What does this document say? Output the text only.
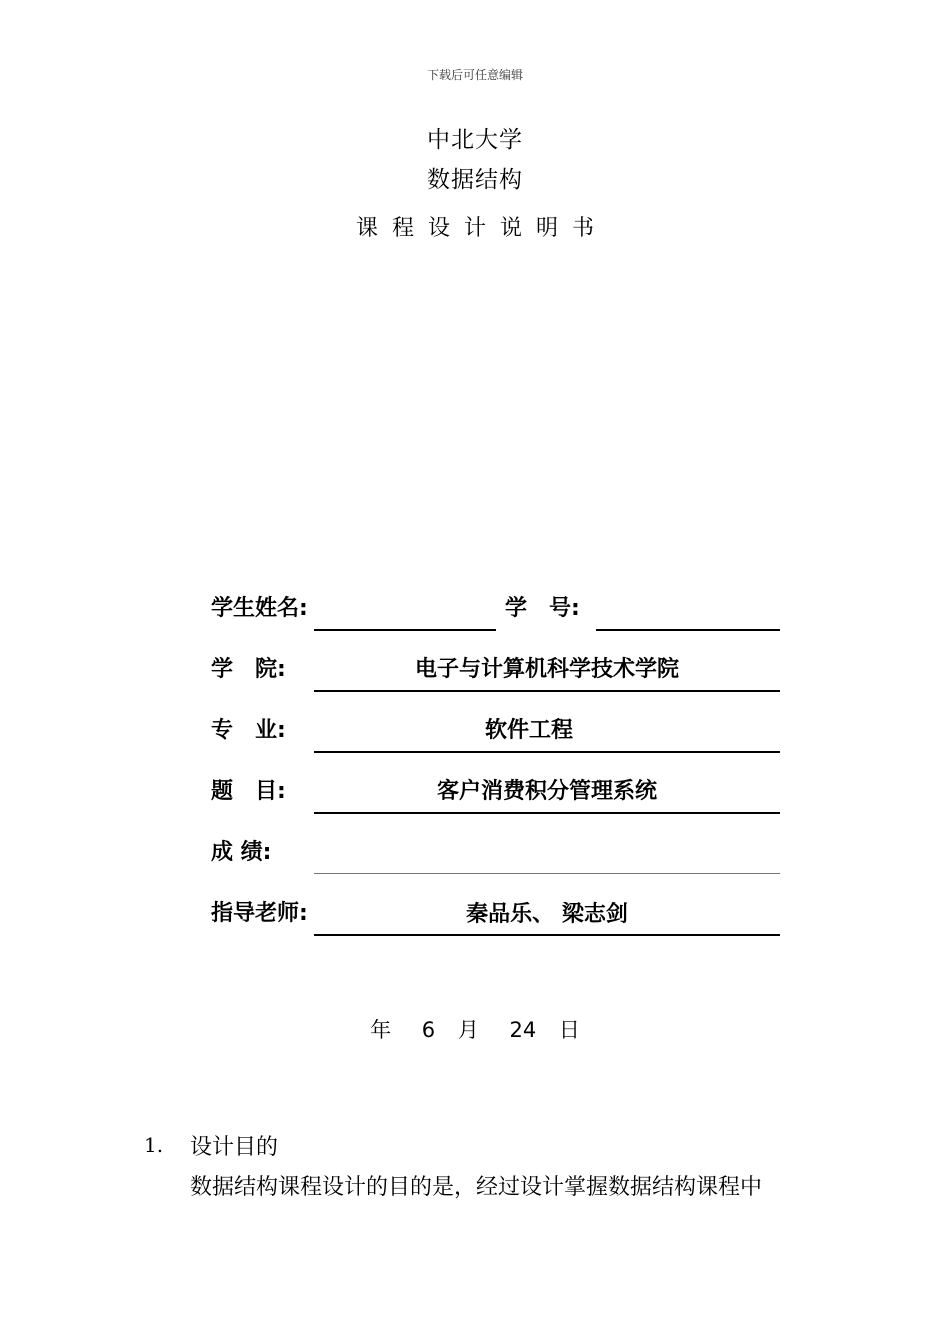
下载后可任意编辑
中北大学
数据结构
课程设计说明书
学生姓名:	学　号:
学　院:	电子与计算机科学技术学院
专　业:	软件工程
题　目:	客户消费积分管理系统
成 绩:
指导老师:	秦品乐、 梁志剑
年 6 月 24 日
1. 设计目的
数据结构课程设计的目的是，经过设计掌握数据结构课程中
